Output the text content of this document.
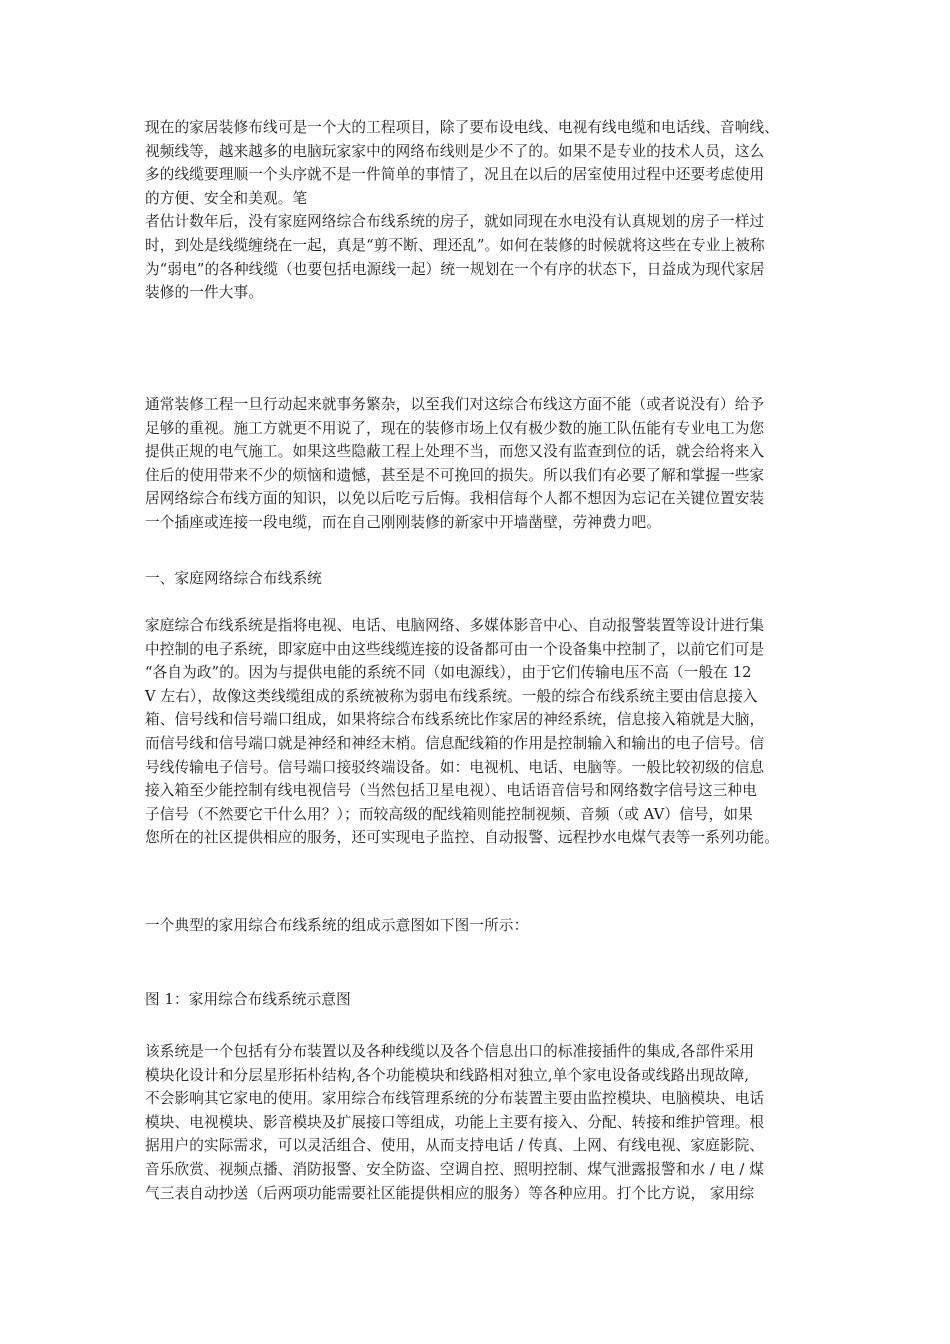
现在的家居装修布线可是一个大的工程项目，除了要布设电线、电视有线电缆和电话线、音响线、
视频线等，越来越多的电脑玩家家中的网络布线则是少不了的。如果不是专业的技术人员，这么
多的线缆要理顺一个头序就不是一件简单的事情了，况且在以后的居室使用过程中还要考虑使用
的方便、安全和美观。笔
者估计数年后，没有家庭网络综合布线系统的房子，就如同现在水电没有认真规划的房子一样过
时，到处是线缆缠绕在一起，真是“剪不断、理还乱”。如何在装修的时候就将这些在专业上被称
为“弱电”的各种线缆（也要包括电源线一起）统一规划在一个有序的状态下，日益成为现代家居
装修的一件大事。
通常装修工程一旦行动起来就事务繁杂，以至我们对这综合布线这方面不能（或者说没有）给予
足够的重视。施工方就更不用说了，现在的装修市场上仅有极少数的施工队伍能有专业电工为您
提供正规的电气施工。如果这些隐蔽工程上处理不当，而您又没有监查到位的话，就会给将来入
住后的使用带来不少的烦恼和遗憾，甚至是不可挽回的损失。所以我们有必要了解和掌握一些家
居网络综合布线方面的知识，以免以后吃亏后悔。我相信每个人都不想因为忘记在关键位置安装
一个插座或连接一段电缆，而在自己刚刚装修的新家中开墙凿壁，劳神费力吧。
一、家庭网络综合布线系统
家庭综合布线系统是指将电视、电话、电脑网络、多媒体影音中心、自动报警装置等设计进行集
中控制的电子系统，即家庭中由这些线缆连接的设备都可由一个设备集中控制了，以前它们可是
“各自为政”的。因为与提供电能的系统不同（如电源线），由于它们传输电压不高（一般在 12
V 左右），故像这类线缆组成的系统被称为弱电布线系统。一般的综合布线系统主要由信息接入
箱、信号线和信号端口组成，如果将综合布线系统比作家居的神经系统，信息接入箱就是大脑，
而信号线和信号端口就是神经和神经末梢。信息配线箱的作用是控制输入和输出的电子信号。信
号线传输电子信号。信号端口接驳终端设备。如：电视机、电话、电脑等。一般比较初级的信息
接入箱至少能控制有线电视信号（当然包括卫星电视）、电话语音信号和网络数字信号这三种电
子信号（不然要它干什么用？）；而较高级的配线箱则能控制视频、音频（或 AV）信号，如果
您所在的社区提供相应的服务，还可实现电子监控、自动报警、远程抄水电煤气表等一系列功能。
一个典型的家用综合布线系统的组成示意图如下图一所示：
图 1：家用综合布线系统示意图
该系统是一个包括有分布装置以及各种线缆以及各个信息出口的标准接插件的集成,各部件采用
模块化设计和分层星形拓朴结构,各个功能模块和线路相对独立,单个家电设备或线路出现故障,
不会影响其它家电的使用。家用综合布线管理系统的分布装置主要由监控模块、电脑模块、电话
模块、电视模块、影音模块及扩展接口等组成，功能上主要有接入、分配、转接和维护管理。根
据用户的实际需求，可以灵活组合、使用，从而支持电话 / 传真、上网、有线电视、家庭影院、
音乐欣赏、视频点播、消防报警、安全防盗、空调自控、照明控制、煤气泄露报警和水 / 电 / 煤
气三表自动抄送（后两项功能需要社区能提供相应的服务）等各种应用。打个比方说， 家用综
